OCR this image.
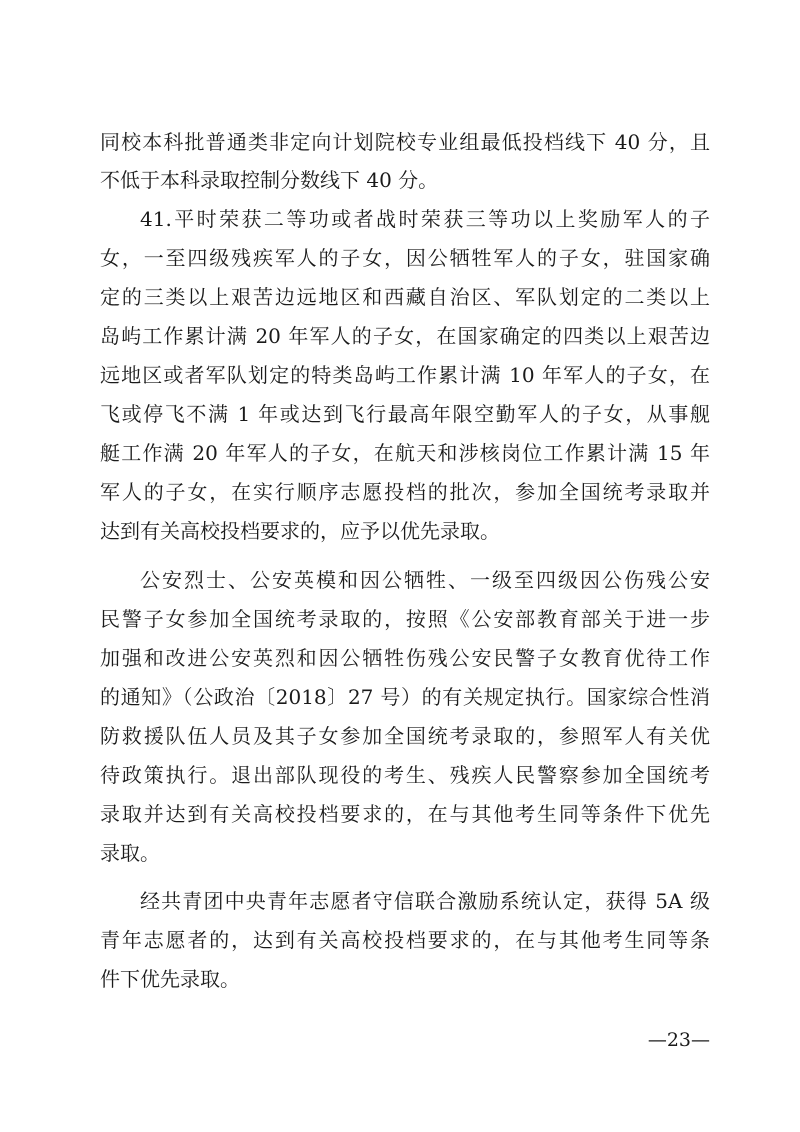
同校本科批普通类非定向计划院校专业组最低投档线下 40 分，且
不低于本科录取控制分数线下 40 分。
41.平时荣获二等功或者战时荣获三等功以上奖励军人的子
女，一至四级残疾军人的子女，因公牺牲军人的子女，驻国家确
定的三类以上艰苦边远地区和西藏自治区、军队划定的二类以上
岛屿工作累计满 20 年军人的子女，在国家确定的四类以上艰苦边
远地区或者军队划定的特类岛屿工作累计满 10 年军人的子女，在
飞或停飞不满 1 年或达到飞行最高年限空勤军人的子女，从事舰
艇工作满 20 年军人的子女，在航天和涉核岗位工作累计满 15 年
军人的子女，在实行顺序志愿投档的批次，参加全国统考录取并
达到有关高校投档要求的，应予以优先录取。
公安烈士、公安英模和因公牺牲、一级至四级因公伤残公安
民警子女参加全国统考录取的，按照《公安部教育部关于进一步
加强和改进公安英烈和因公牺牲伤残公安民警子女教育优待工作
的通知》（公政治〔2018〕27 号）的有关规定执行。国家综合性消
防救援队伍人员及其子女参加全国统考录取的，参照军人有关优
待政策执行。退出部队现役的考生、残疾人民警察参加全国统考
录取并达到有关高校投档要求的，在与其他考生同等条件下优先
录取。
经共青团中央青年志愿者守信联合激励系统认定，获得 5A 级
青年志愿者的，达到有关高校投档要求的，在与其他考生同等条
件下优先录取。
—23—
